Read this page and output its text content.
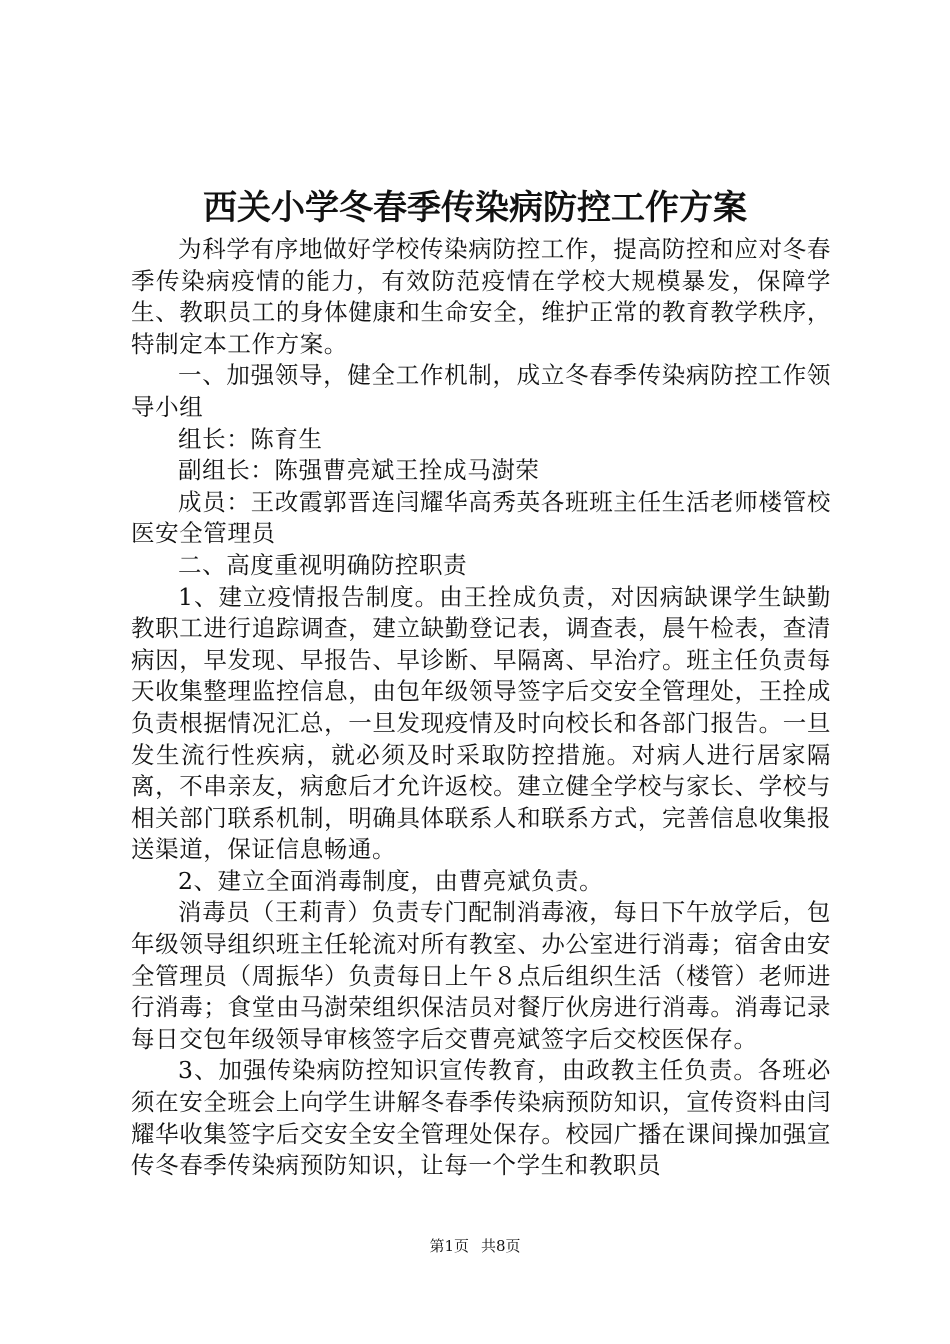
西关小学冬春季传染病防控工作方案

为科学有序地做好学校传染病防控工作，提高防控和应对冬春季传染病疫情的能力，有效防范疫情在学校大规模暴发，保障学生、教职员工的身体健康和生命安全，维护正常的教育教学秩序，特制定本工作方案。

一、加强领导，健全工作机制，成立冬春季传染病防控工作领导小组

组长：陈育生

副组长：陈强曹亮斌王拴成马澍荣

成员：王改霞郭晋连闫耀华高秀英各班班主任生活老师楼管校医安全管理员

二、高度重视明确防控职责

1、建立疫情报告制度。由王拴成负责，对因病缺课学生缺勤教职工进行追踪调查，建立缺勤登记表，调查表，晨午检表，查清病因，早发现、早报告、早诊断、早隔离、早治疗。班主任负责每天收集整理监控信息，由包年级领导签字后交安全管理处，王拴成负责根据情况汇总，一旦发现疫情及时向校长和各部门报告。一旦发生流行性疾病，就必须及时采取防控措施。对病人进行居家隔离，不串亲友，病愈后才允许返校。建立健全学校与家长、学校与相关部门联系机制，明确具体联系人和联系方式，完善信息收集报送渠道，保证信息畅通。

2、建立全面消毒制度，由曹亮斌负责。

消毒员（王莉青）负责专门配制消毒液，每日下午放学后，包年级领导组织班主任轮流对所有教室、办公室进行消毒；宿舍由安全管理员（周振华）负责每日上午８点后组织生活（楼管）老师进行消毒；食堂由马澍荣组织保洁员对餐厅伙房进行消毒。消毒记录每日交包年级领导审核签字后交曹亮斌签字后交校医保存。

3、加强传染病防控知识宣传教育，由政教主任负责。各班必须在安全班会上向学生讲解冬春季传染病预防知识，宣传资料由闫耀华收集签字后交安全安全管理处保存。校园广播在课间操加强宣传冬春季传染病预防知识，让每一个学生和教职员

第1页 共8页
